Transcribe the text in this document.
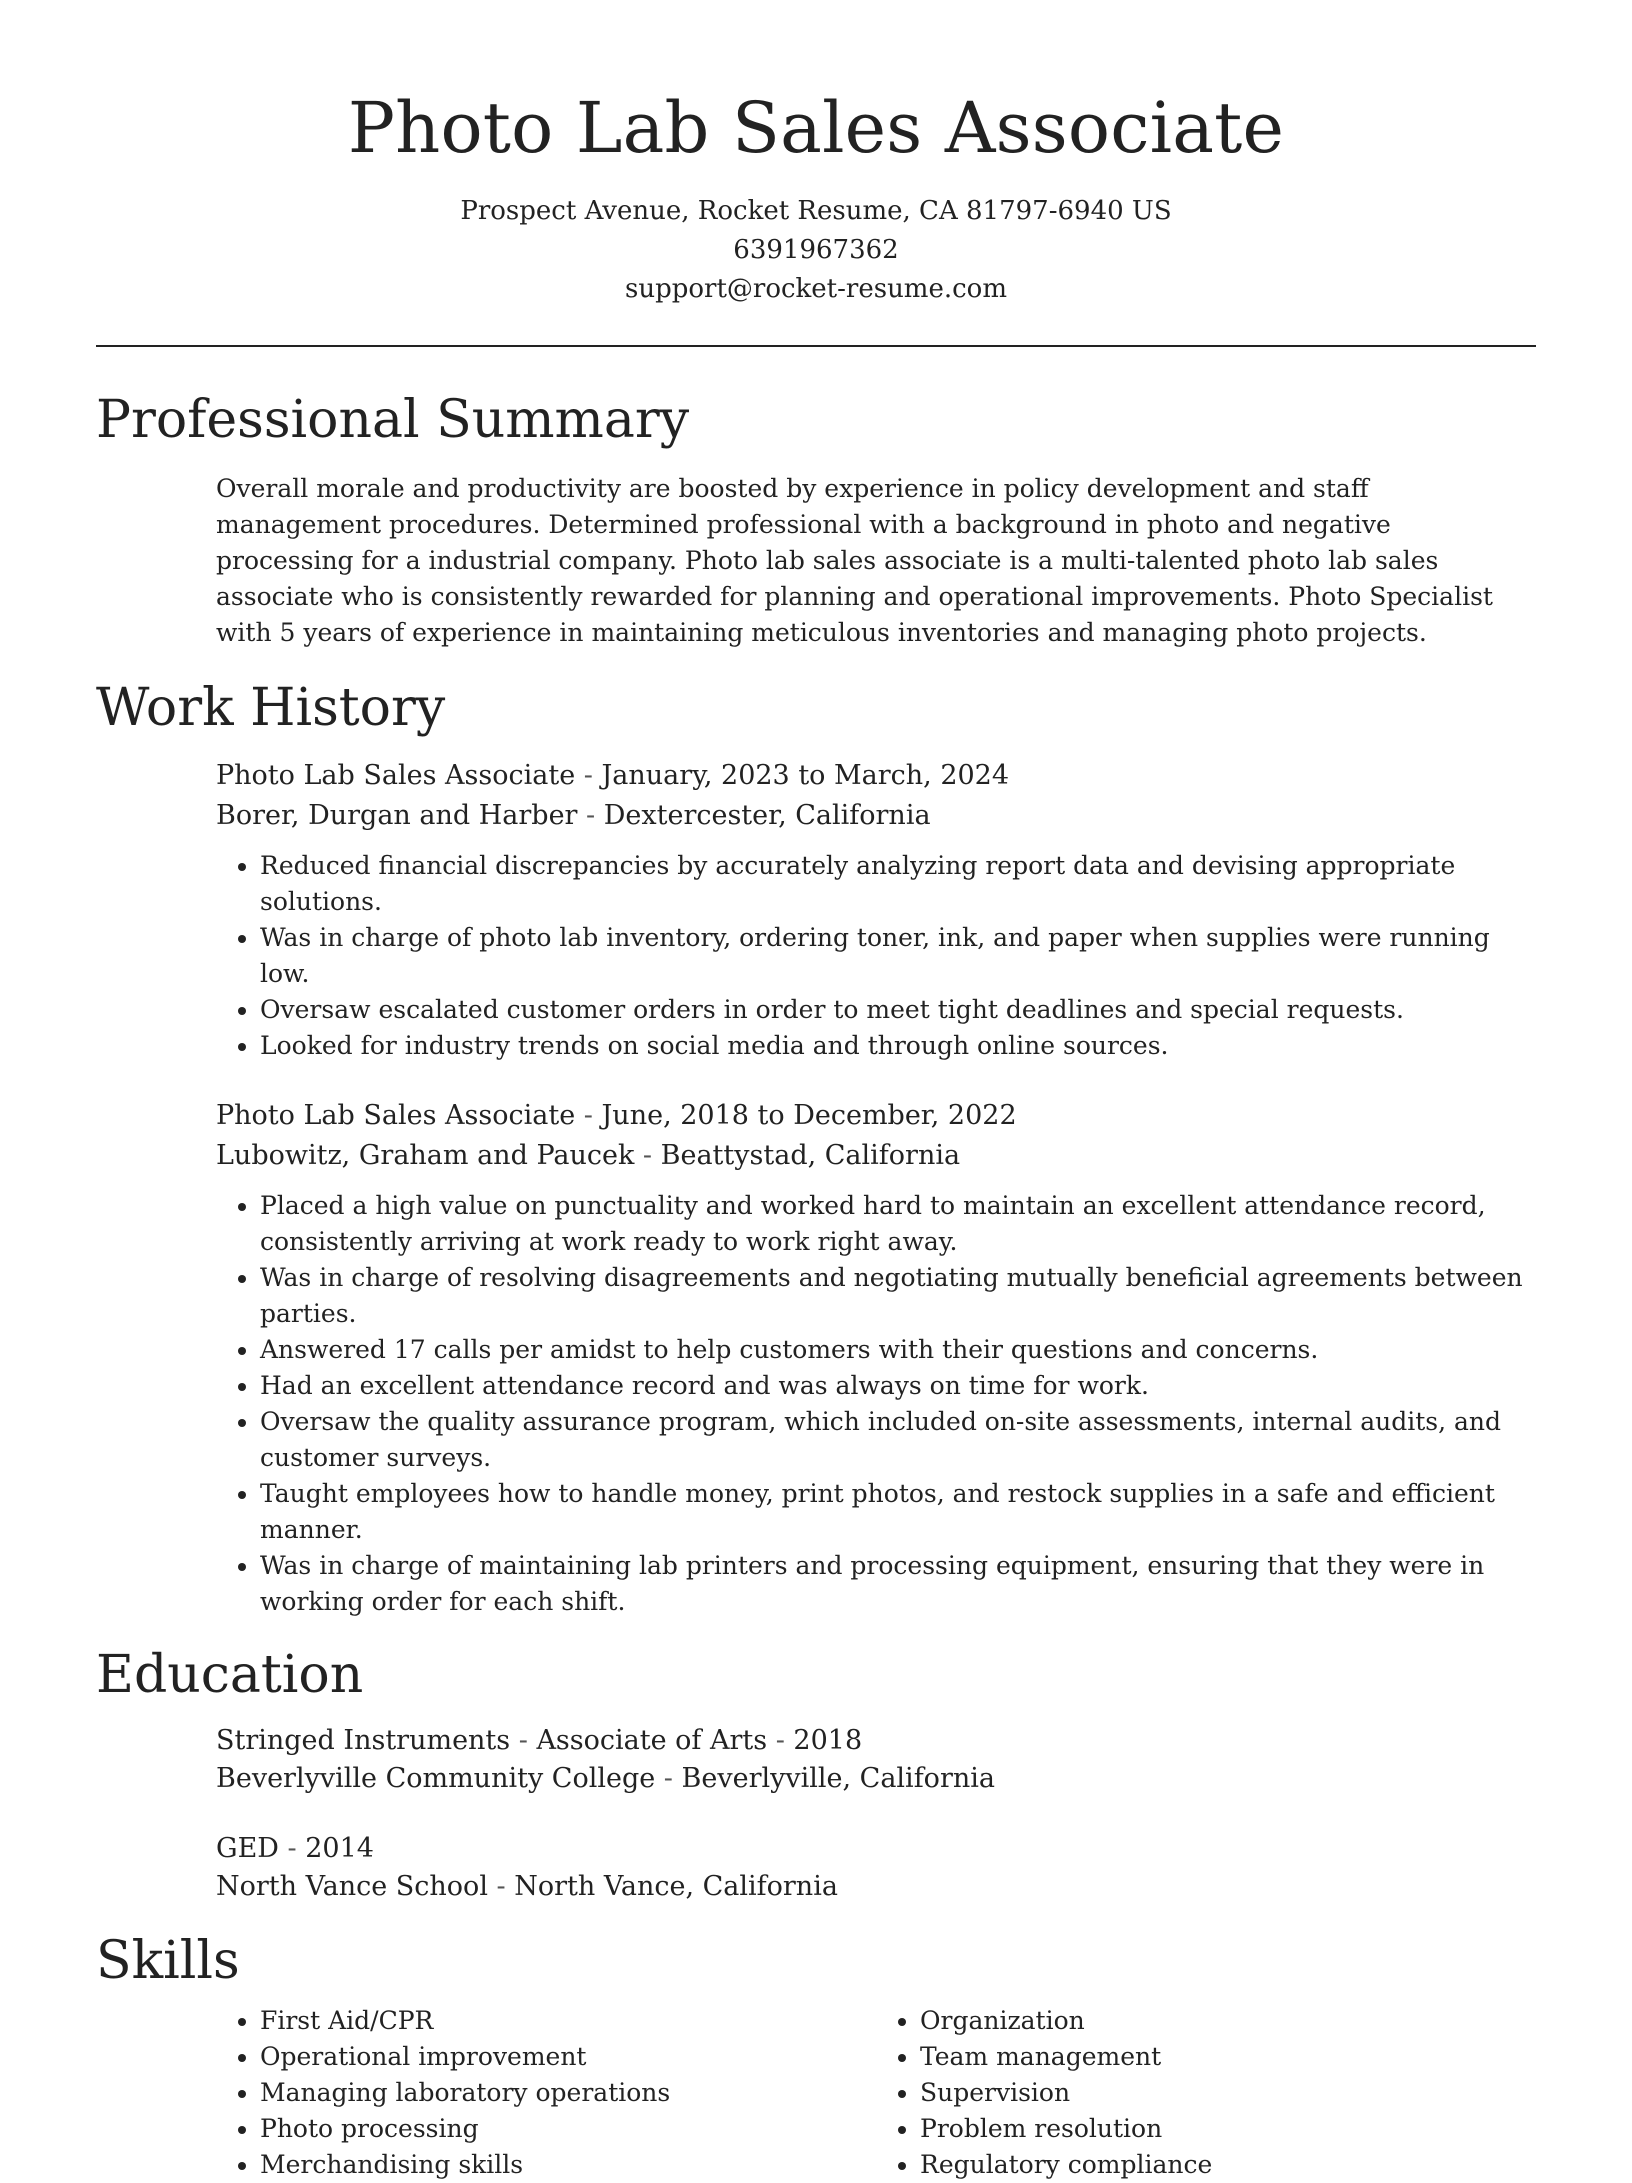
Photo Lab Sales Associate
Prospect Avenue, Rocket Resume, CA 81797-6940 US
6391967362
support@rocket-resume.com
Professional Summary

Overall morale and productivity are boosted by experience in policy development and staff management procedures. Determined professional with a background in photo and negative processing for a industrial company. Photo lab sales associate is a multi-talented photo lab sales associate who is consistently rewarded for planning and operational improvements. Photo Specialist with 5 years of experience in maintaining meticulous inventories and managing photo projects.

Work History
Photo Lab Sales Associate - January, 2023 to March, 2024
Borer, Durgan and Harber - Dextercester, California
• Reduced financial discrepancies by accurately analyzing report data and devising appropriate solutions.
• Was in charge of photo lab inventory, ordering toner, ink, and paper when supplies were running low.
• Oversaw escalated customer orders in order to meet tight deadlines and special requests.
• Looked for industry trends on social media and through online sources.
Photo Lab Sales Associate - June, 2018 to December, 2022
Lubowitz, Graham and Paucek - Beattystad, California
• Placed a high value on punctuality and worked hard to maintain an excellent attendance record, consistently arriving at work ready to work right away.
• Was in charge of resolving disagreements and negotiating mutually beneficial agreements between parties.
• Answered 17 calls per amidst to help customers with their questions and concerns.
• Had an excellent attendance record and was always on time for work.
• Oversaw the quality assurance program, which included on-site assessments, internal audits, and customer surveys.
• Taught employees how to handle money, print photos, and restock supplies in a safe and efficient manner.
• Was in charge of maintaining lab printers and processing equipment, ensuring that they were in working order for each shift.
Education
Stringed Instruments - Associate of Arts - 2018
Beverlyville Community College - Beverlyville, California
GED - 2014
North Vance School - North Vance, California
Skills
• First Aid/CPR
• Operational improvement
• Managing laboratory operations
• Photo processing
• Merchandising skills
• Organization
• Team management
• Supervision
• Problem resolution
• Regulatory compliance
